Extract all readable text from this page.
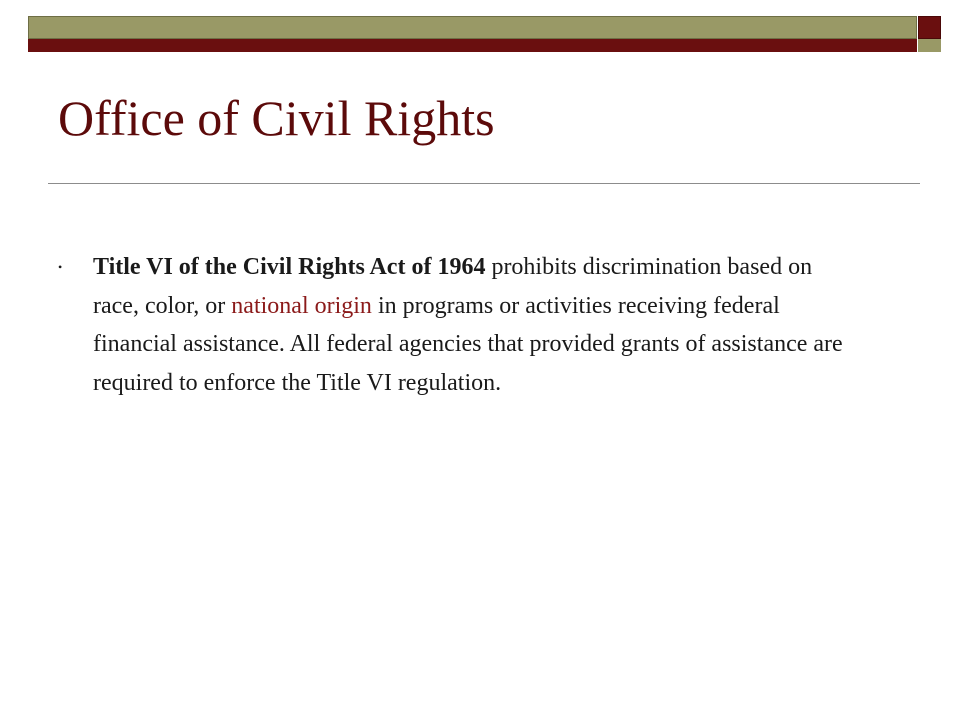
Office of Civil Rights
• Title VI of the Civil Rights Act of 1964 prohibits discrimination based on race, color, or national origin in programs or activities receiving federal financial assistance. All federal agencies that provided grants of assistance are required to enforce the Title VI regulation.
